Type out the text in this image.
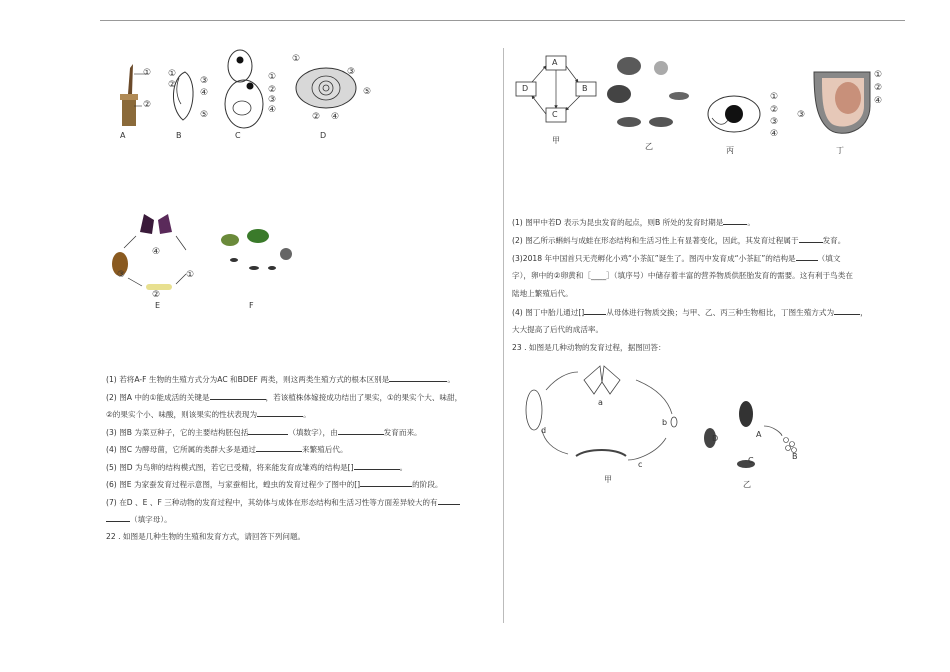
①
②
A
①
②	③
④
⑤
B
①
②
③
④
C
①
③
⑤
② ④
D
④
③	①
②
E	F
(1) 若将A-F 生物的生殖方式分为AC 和BDEF 两类，则这两类生殖方式的根本区别是	。
(2) 图A 中的①能成活的关键是	，若该植株体嫁接成功结出了果实，①的果实个大、味甜，
②的果实个小、味酸，则该果实的性状表现为	。
(3) 图B 为菜豆种子，它的主要结构胚包括	（填数字），由	发育而来。
(4) 图C 为酵母菌，它所属的类群大多是通过	来繁殖后代。
(5) 图D 为鸟卵的结构模式图，若它已受精，将来能发育成雏鸡的结构是[]	。
(6) 图E 为家蚕发育过程示意图，与家蚕相比，蝗虫的发育过程少了图中的[]	的阶段。
(7) 在D 、E 、F 三种动物的发育过程中，其幼体与成体在形态结构和生活习性等方面差异较大的有
（填字母）。
22 . 如图是几种生物的生殖和发育方式，请回答下列问题。
A
B
C
D
甲
乙
①
②
③
④
丙
①
②
④
③
丁
(1) 图甲中若D 表示为昆虫发育的起点，则B 所处的发育时期是	。
(2) 图乙所示蝌蚪与成蛙在形态结构和生活习性上有显著变化，因此，其发育过程属于	发育。
(3)2018 年中国首只无壳孵化小鸡“小茶缸”诞生了。图丙中发育成“小茶缸”的结构是	（填文
字），卵中的②卵黄和［____］（填序号）中储存着丰富的营养物质供胚胎发育的需要。这有利于鸟类在
陆地上繁殖后代。
(4) 图丁中胎儿通过[]	从母体进行物质交换；与甲、乙、丙三种生物相比，丁图生殖方式为	，
大大提高了后代的成活率。
23 . 如图是几种动物的发育过程，据图回答：
a
b
c
d
甲
A
B
C
D
乙
